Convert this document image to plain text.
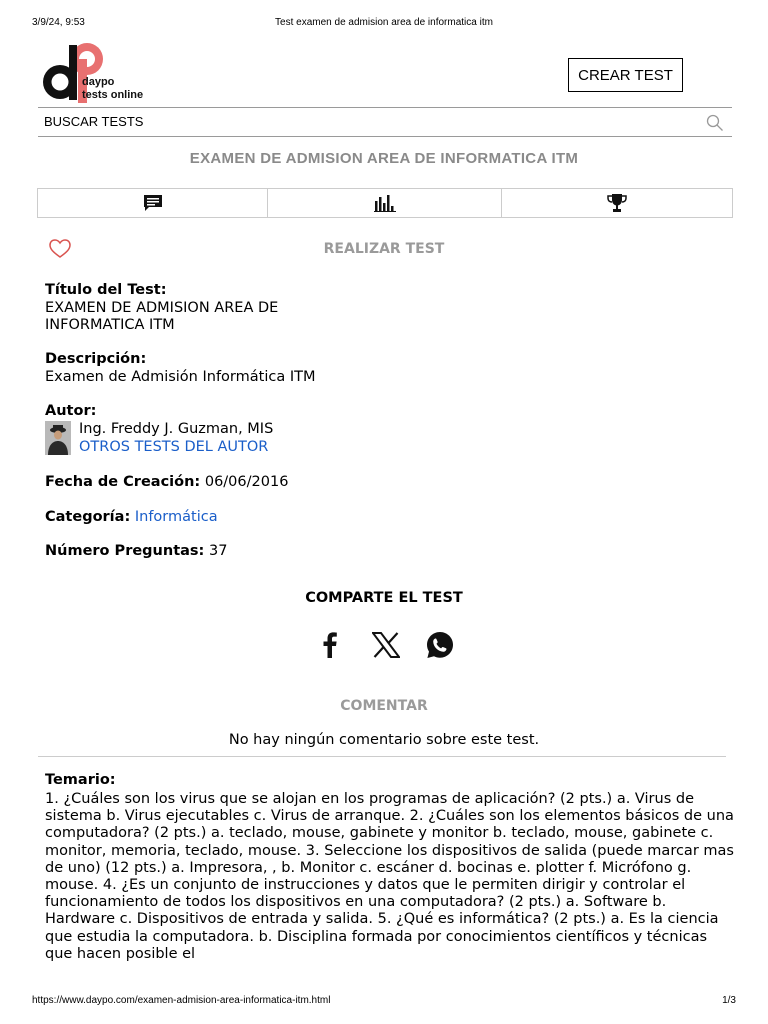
3/9/24, 9:53	Test examen de admision area de informatica itm
daypo
tests online
CREAR TEST
BUSCAR TESTS
EXAMEN DE ADMISION AREA DE INFORMATICA ITM
REALIZAR TEST
Título del Test:
EXAMEN DE ADMISION AREA DE
INFORMATICA ITM
Descripción:
Examen de Admisión Informática ITM
Autor:
Ing. Freddy J. Guzman, MIS
OTROS TESTS DEL AUTOR
Fecha de Creación: 06/06/2016
Categoría: Informática
Número Preguntas: 37
COMPARTE EL TEST
COMENTAR
No hay ningún comentario sobre este test.
Temario:
1. ¿Cuáles son los virus que se alojan en los programas de aplicación? (2 pts.) a. Virus de sistema b. Virus ejecutables c. Virus de arranque. 2. ¿Cuáles son los elementos básicos de una computadora? (2 pts.) a. teclado, mouse, gabinete y monitor b. teclado, mouse, gabinete c. monitor, memoria, teclado, mouse. 3. Seleccione los dispositivos de salida (puede marcar mas de uno) (12 pts.) a. Impresora, , b. Monitor c. escáner d. bocinas e. plotter f. Micrófono g. mouse. 4. ¿Es un conjunto de instrucciones y datos que le permiten dirigir y controlar el funcionamiento de todos los dispositivos en una computadora? (2 pts.) a. Software b. Hardware c. Dispositivos de entrada y salida. 5. ¿Qué es informática? (2 pts.) a. Es la ciencia que estudia la computadora. b. Disciplina formada por conocimientos científicos y técnicas que hacen posible el
https://www.daypo.com/examen-admision-area-informatica-itm.html	1/3
